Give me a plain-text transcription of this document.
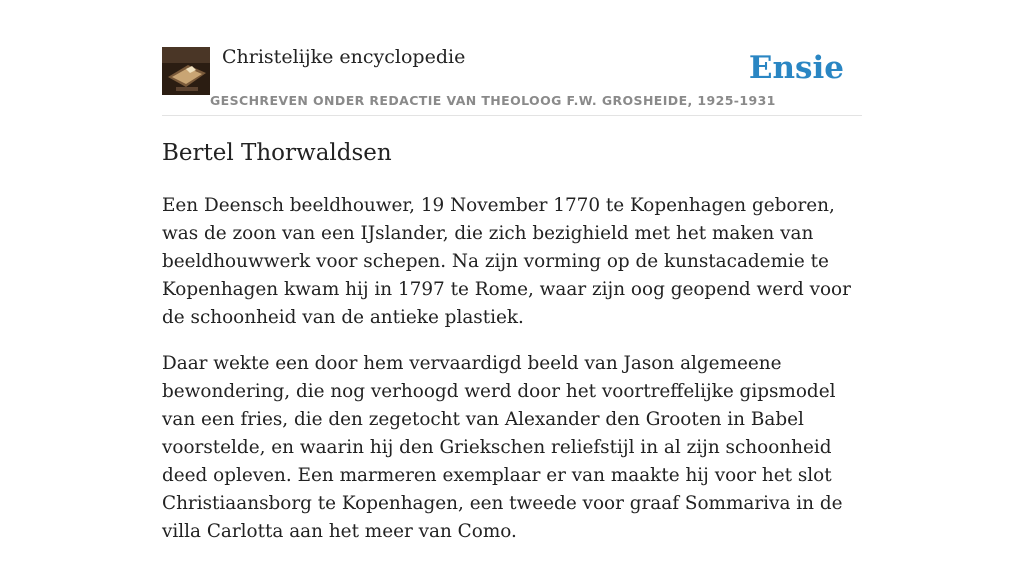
Christelijke encyclopedie
GESCHREVEN ONDER REDACTIE VAN THEOLOOG F.W. GROSHEIDE, 1925-1931
Ensie
Bertel Thorwaldsen

Een Deensch beeldhouwer, 19 November 1770 te Kopenhagen geboren, was de zoon van een IJslander, die zich bezighield met het maken van beeldhouwwerk voor schepen. Na zijn vorming op de kunstacademie te Kopenhagen kwam hij in 1797 te Rome, waar zijn oog geopend werd voor de schoonheid van de antieke plastiek.

Daar wekte een door hem vervaardigd beeld van Jason algemeene bewondering, die nog verhoogd werd door het voortreffelijke gipsmodel van een fries, die den zegetocht van Alexander den Grooten in Babel voorstelde, en waarin hij den Griekschen reliefstijl in al zijn schoonheid deed opleven. Een marmeren exemplaar er van maakte hij voor het slot Christiaansborg te Kopenhagen, een tweede voor graaf Sommariva in de villa Carlotta aan het meer van Como.
